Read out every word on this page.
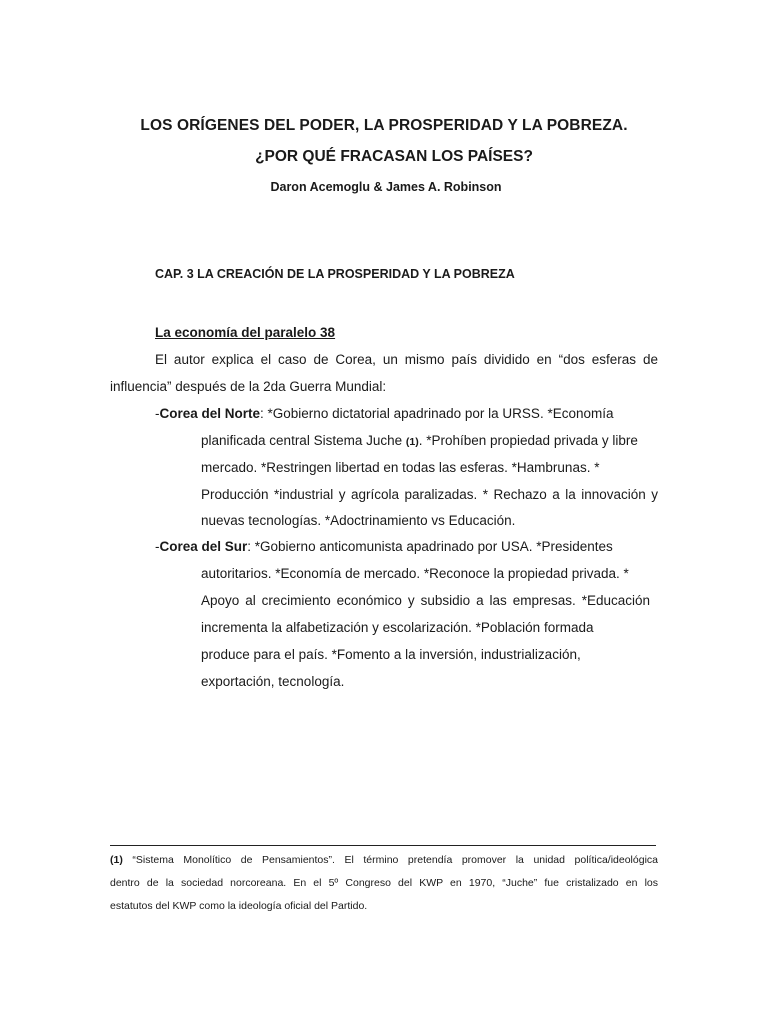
LOS ORÍGENES DEL PODER, LA PROSPERIDAD Y LA POBREZA.
¿POR QUÉ FRACASAN LOS PAÍSES?
Daron Acemoglu & James A. Robinson
CAP. 3 LA CREACIÓN DE LA PROSPERIDAD Y LA POBREZA
La economía del paralelo 38
El autor explica el caso de Corea, un mismo país dividido en “dos esferas de
influencia” después de la 2da Guerra Mundial:
-Corea del Norte: *Gobierno dictatorial apadrinado por la URSS. *Economía
planificada central Sistema Juche (1). *Prohíben propiedad privada y libre
mercado. *Restringen libertad en todas las esferas. *Hambrunas. *
Producción *industrial y agrícola paralizadas. * Rechazo a la innovación y
nuevas tecnologías. *Adoctrinamiento vs Educación.
-Corea del Sur: *Gobierno anticomunista apadrinado por USA. *Presidentes
autoritarios. *Economía de mercado. *Reconoce la propiedad privada. *
Apoyo al crecimiento económico y subsidio a las empresas. *Educación
incrementa la alfabetización y escolarización. *Población formada
produce para el país. *Fomento a la inversión, industrialización,
exportación, tecnología.
(1) “Sistema Monolítico de Pensamientos”. El término pretendía promover la unidad política/ideológica
dentro de la sociedad norcoreana. En el 5º Congreso del KWP en 1970, “Juche” fue cristalizado en los
estatutos del KWP como la ideología oficial del Partido.
